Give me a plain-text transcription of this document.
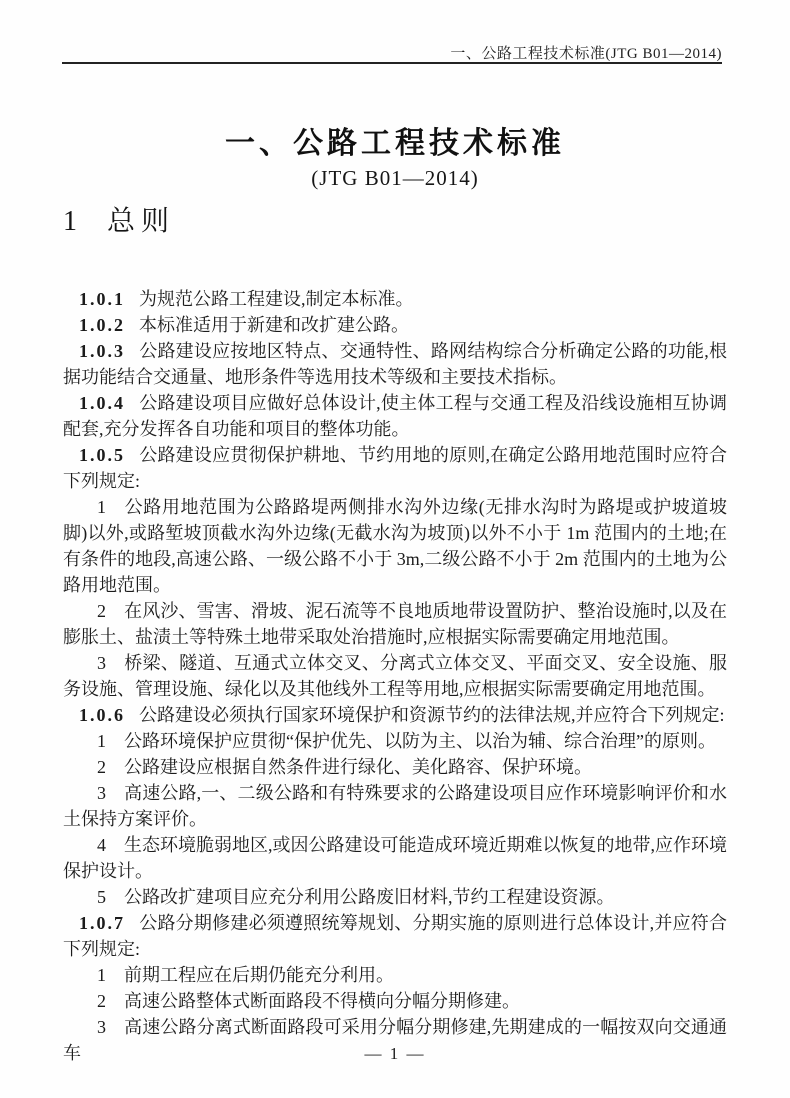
一、公路工程技术标准(JTG B01—2014)
一、公路工程技术标准
(JTG B01—2014)
1 总则

1.0.1 为规范公路工程建设,制定本标准。

1.0.2 本标准适用于新建和改扩建公路。

1.0.3 公路建设应按地区特点、交通特性、路网结构综合分析确定公路的功能,根据功能结合交通量、地形条件等选用技术等级和主要技术指标。

1.0.4 公路建设项目应做好总体设计,使主体工程与交通工程及沿线设施相互协调配套,充分发挥各自功能和项目的整体功能。

1.0.5 公路建设应贯彻保护耕地、节约用地的原则,在确定公路用地范围时应符合下列规定:

1 公路用地范围为公路路堤两侧排水沟外边缘(无排水沟时为路堤或护坡道坡脚)以外,或路堑坡顶截水沟外边缘(无截水沟为坡顶)以外不小于 1m 范围内的土地;在有条件的地段,高速公路、一级公路不小于 3m,二级公路不小于 2m 范围内的土地为公路用地范围。

2 在风沙、雪害、滑坡、泥石流等不良地质地带设置防护、整治设施时,以及在膨胀土、盐渍土等特殊土地带采取处治措施时,应根据实际需要确定用地范围。

3 桥梁、隧道、互通式立体交叉、分离式立体交叉、平面交叉、安全设施、服务设施、管理设施、绿化以及其他线外工程等用地,应根据实际需要确定用地范围。

1.0.6 公路建设必须执行国家环境保护和资源节约的法律法规,并应符合下列规定:

1 公路环境保护应贯彻“保护优先、以防为主、以治为辅、综合治理”的原则。

2 公路建设应根据自然条件进行绿化、美化路容、保护环境。

3 高速公路,一、二级公路和有特殊要求的公路建设项目应作环境影响评价和水土保持方案评价。

4 生态环境脆弱地区,或因公路建设可能造成环境近期难以恢复的地带,应作环境保护设计。

5 公路改扩建项目应充分利用公路废旧材料,节约工程建设资源。

1.0.7 公路分期修建必须遵照统筹规划、分期实施的原则进行总体设计,并应符合下列规定:

1 前期工程应在后期仍能充分利用。

2 高速公路整体式断面路段不得横向分幅分期修建。

3 高速公路分离式断面路段可采用分幅分期修建,先期建成的一幅按双向交通通车	— 1 —
